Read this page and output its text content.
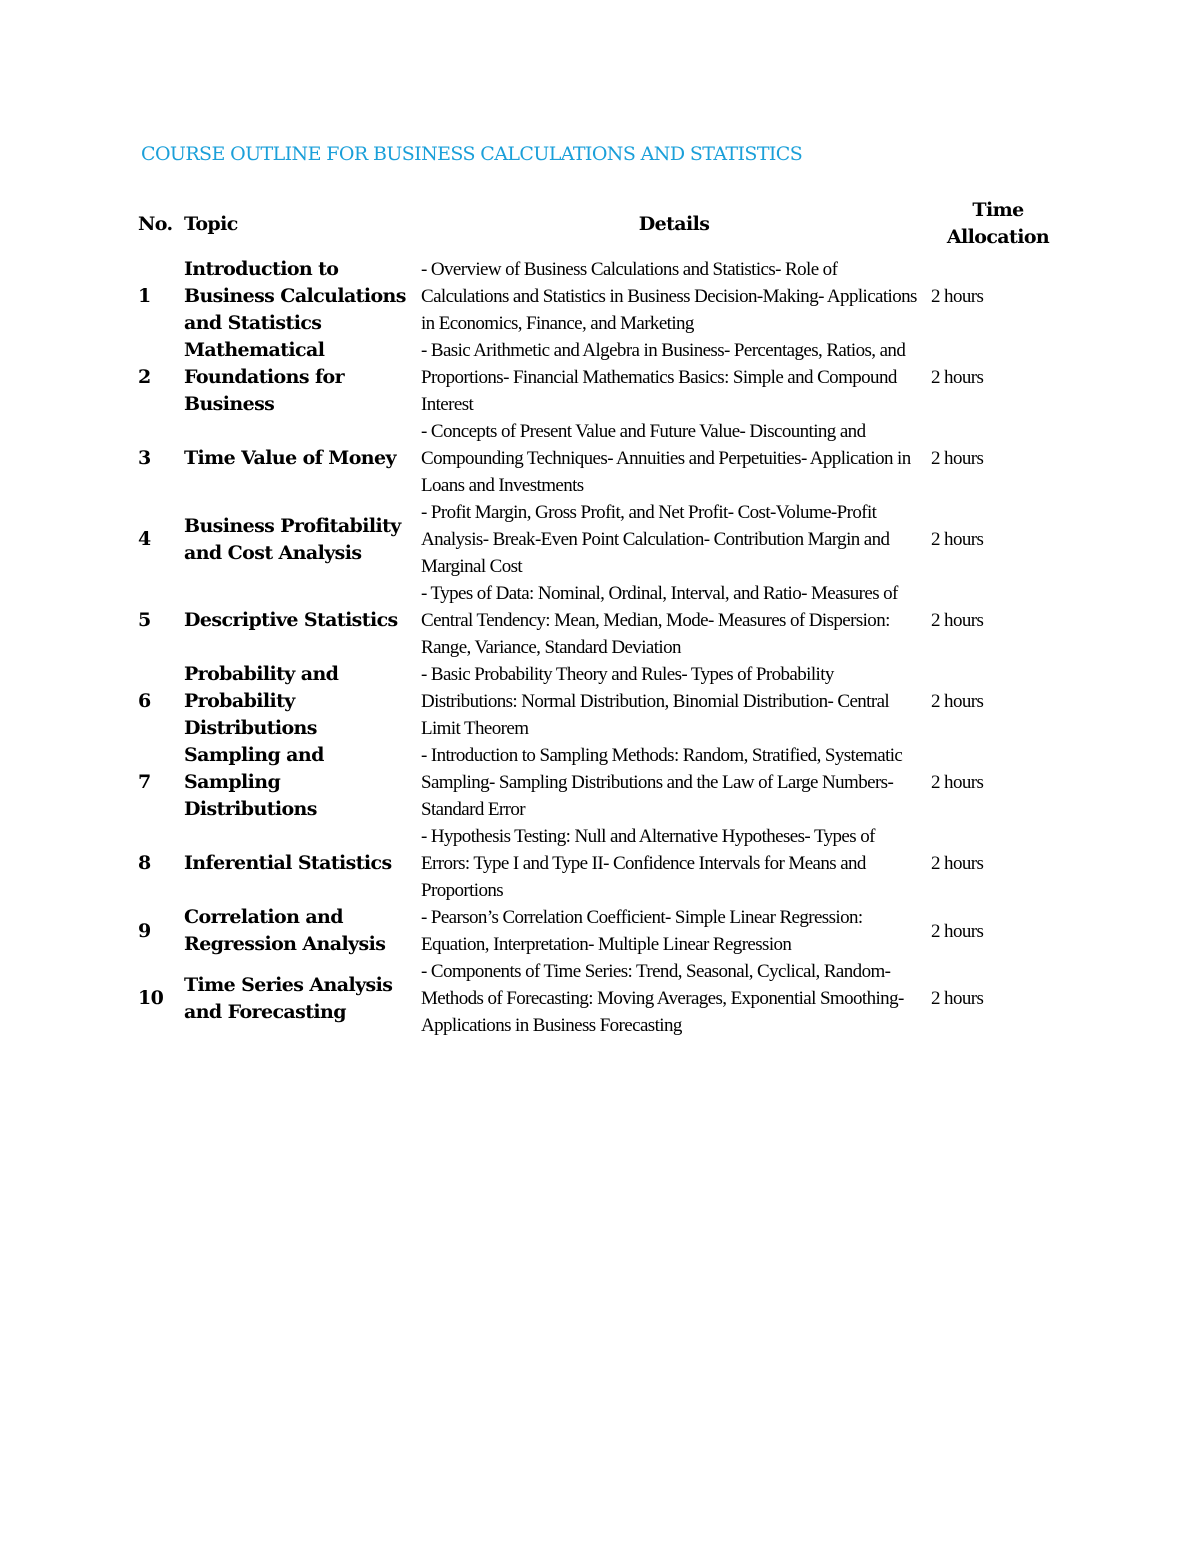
COURSE OUTLINE FOR BUSINESS CALCULATIONS AND STATISTICS
No.	Topic	Details	Time Allocation
1	Introduction to Business Calculations and Statistics	- Overview of Business Calculations and Statistics- Role of Calculations and Statistics in Business Decision-Making- Applications in Economics, Finance, and Marketing	2 hours
2	Mathematical Foundations for Business	- Basic Arithmetic and Algebra in Business- Percentages, Ratios, and Proportions- Financial Mathematics Basics: Simple and Compound Interest	2 hours
3	Time Value of Money	- Concepts of Present Value and Future Value- Discounting and Compounding Techniques- Annuities and Perpetuities- Application in Loans and Investments	2 hours
4	Business Profitability and Cost Analysis	- Profit Margin, Gross Profit, and Net Profit- Cost-Volume-Profit Analysis- Break-Even Point Calculation- Contribution Margin and Marginal Cost	2 hours
5	Descriptive Statistics	- Types of Data: Nominal, Ordinal, Interval, and Ratio- Measures of Central Tendency: Mean, Median, Mode- Measures of Dispersion: Range, Variance, Standard Deviation	2 hours
6	Probability and Probability Distributions	- Basic Probability Theory and Rules- Types of Probability Distributions: Normal Distribution, Binomial Distribution- Central Limit Theorem	2 hours
7	Sampling and Sampling Distributions	- Introduction to Sampling Methods: Random, Stratified, Systematic Sampling- Sampling Distributions and the Law of Large Numbers- Standard Error	2 hours
8	Inferential Statistics	- Hypothesis Testing: Null and Alternative Hypotheses- Types of Errors: Type I and Type II- Confidence Intervals for Means and Proportions	2 hours
9	Correlation and Regression Analysis	- Pearson’s Correlation Coefficient- Simple Linear Regression: Equation, Interpretation- Multiple Linear Regression	2 hours
10	Time Series Analysis and Forecasting	- Components of Time Series: Trend, Seasonal, Cyclical, Random- Methods of Forecasting: Moving Averages, Exponential Smoothing- Applications in Business Forecasting	2 hours
